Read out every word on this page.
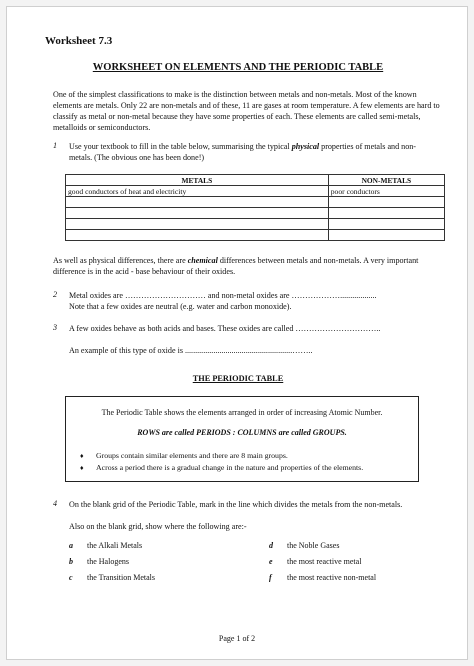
Worksheet 7.3
WORKSHEET ON ELEMENTS AND THE PERIODIC TABLE
One of the simplest classifications to make is the distinction between metals and non-metals. Most of the known elements are metals. Only 22 are non-metals and of these, 11 are gases at room temperature. A few elements are hard to classify as metal or non-metal because they have some properties of each. These elements are called semi-metals, metalloids or semiconductors.
1 Use your textbook to fill in the table below, summarising the typical physical properties of metals and non-metals. (The obvious one has been done!)
METALS	NON-METALS
good conductors of heat and electricity	poor conductors

As well as physical differences, there are chemical differences between metals and non-metals. A very important difference is in the acid - base behaviour of their oxides.
2 Metal oxides are ………………………… and non-metal oxides are ………………..................
Note that a few oxides are neutral (e.g. water and carbon monoxide).
3 A few oxides behave as both acids and bases. These oxides are called …………………………..
An example of this type of oxide is .....................................................……..
THE PERIODIC TABLE
The Periodic Table shows the elements arranged in order of increasing Atomic Number.
ROWS are called PERIODS : COLUMNS are called GROUPS.
♦	Groups contain similar elements and there are 8 main groups.
♦	Across a period there is a gradual change in the nature and properties of the elements.
4 On the blank grid of the Periodic Table, mark in the line which divides the metals from the non-metals.
Also on the blank grid, show where the following are:-
a the Alkali Metals
b the Halogens
c the Transition Metals
d the Noble Gases
e the most reactive metal
f the most reactive non-metal
Page 1 of 2
